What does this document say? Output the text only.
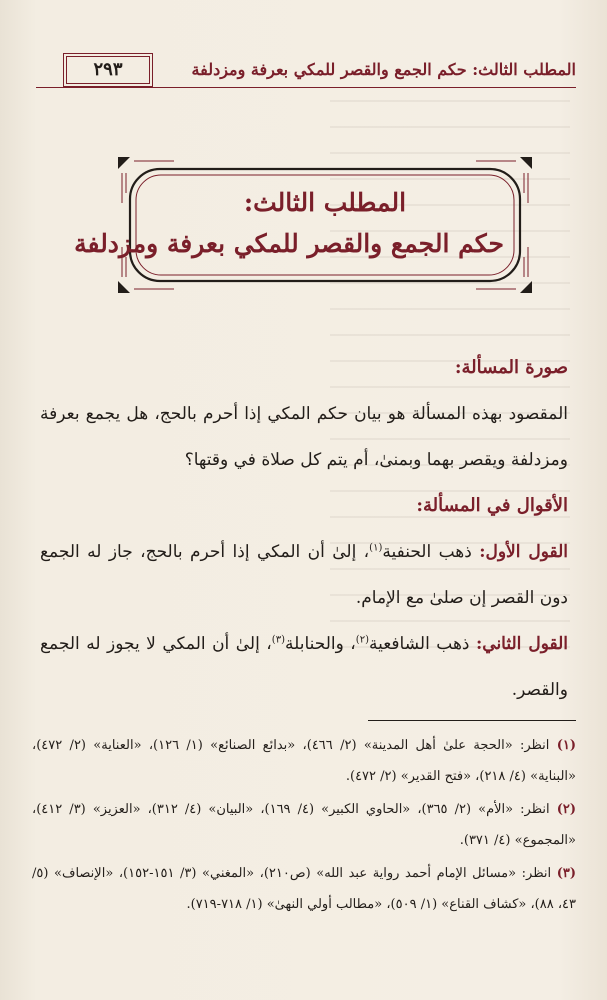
المطلب الثالث: حكم الجمع والقصر للمكي بعرفة ومزدلفة
٢٩٣
المطلب الثالث:
حكم الجمع والقصر للمكي بعرفة ومزدلفة
صورة المسألة:

المقصود بهذه المسألة هو بيان حكم المكي إذا أحرم بالحج، هل يجمع بعرفة ومزدلفة ويقصر بهما وبمنىٰ، أم يتم كل صلاة في وقتها؟

الأقوال في المسألة:

القول الأول: ذهب الحنفية$^{(١)}$، إلىٰ أن المكي إذا أحرم بالحج، جاز له الجمع دون القصر إن صلىٰ مع الإمام.

القول الثاني: ذهب الشافعية$^{(٢)}$، والحنابلة$^{(٣)}$، إلىٰ أن المكي لا يجوز له الجمع والقصر.

(١) انظر: «الحجة علىٰ أهل المدينة» (٢/ ٤٦٦)، «بدائع الصنائع» (١/ ١٢٦)، «العناية» (٢/ ٤٧٢)، «البناية» (٤/ ٢١٨)، «فتح القدير» (٢/ ٤٧٢).

(٢) انظر: «الأم» (٢/ ٣٦٥)، «الحاوي الكبير» (٤/ ١٦٩)، «البيان» (٤/ ٣١٢)، «العزيز» (٣/ ٤١٢)، «المجموع» (٤/ ٣٧١).

(٣) انظر: «مسائل الإمام أحمد رواية عبد الله» (ص٢١٠)، «المغني» (٣/ ١٥١-١٥٢)، «الإنصاف» (٥/ ٤٣، ٨٨)، «كشاف القناع» (١/ ٥٠٩)، «مطالب أولي النهىٰ» (١/ ٧١٨-٧١٩).
